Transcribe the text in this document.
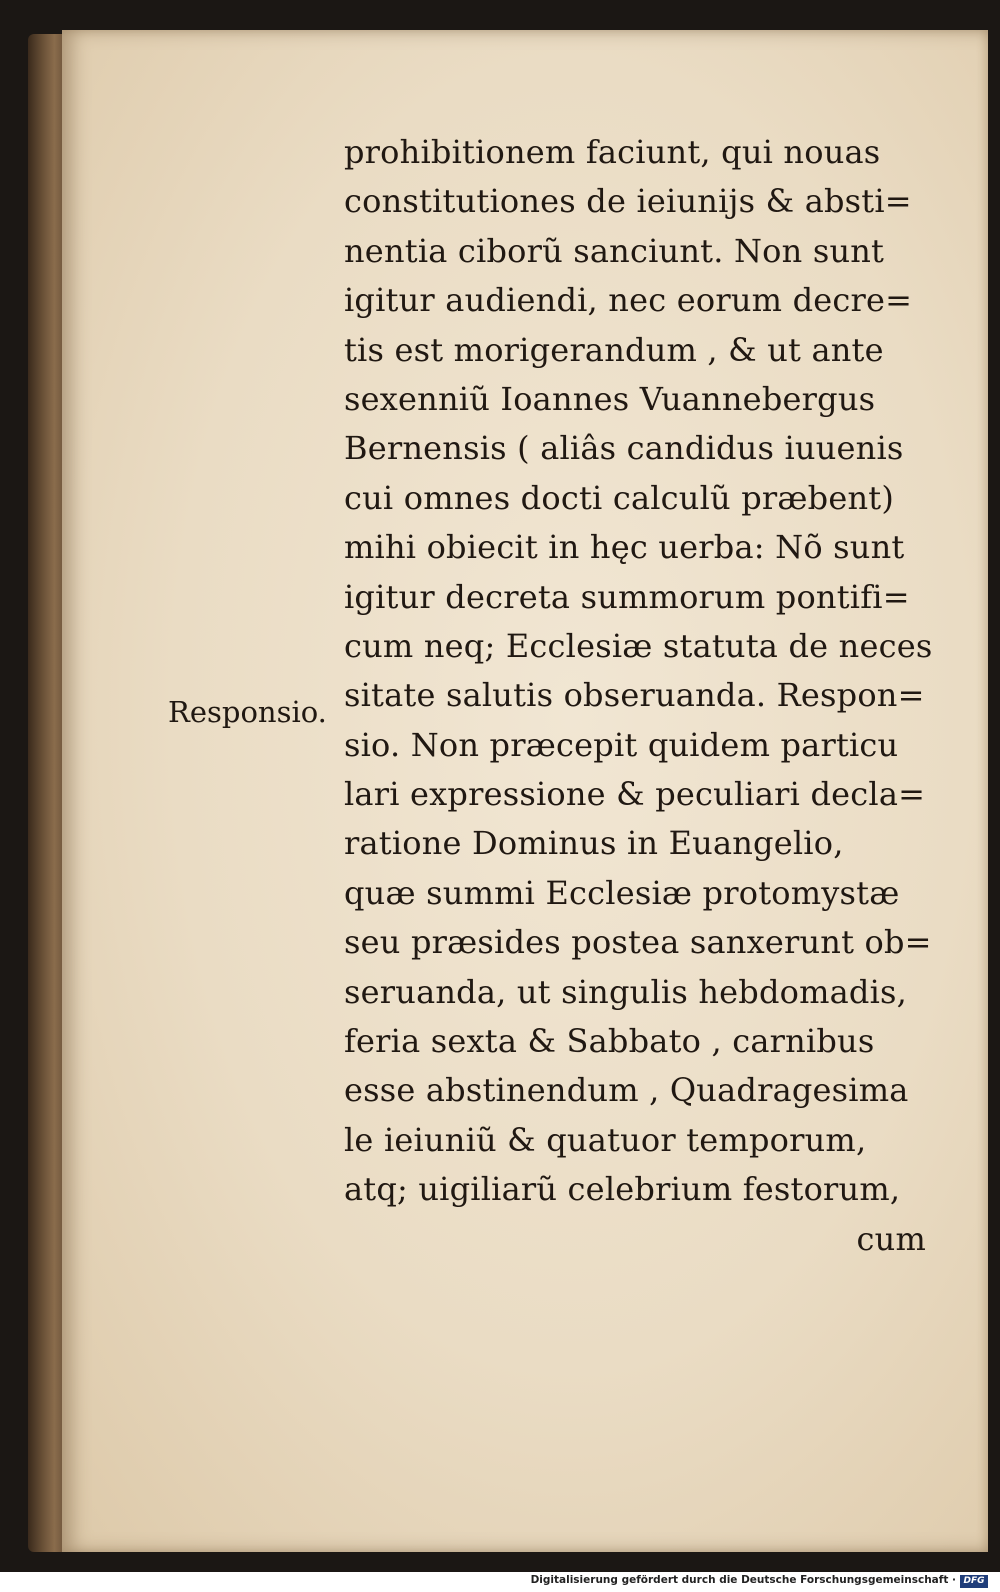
prohibitionem faciunt, qui nouas
constitutiones de ieiunijs & absti=
nentia ciborũ sanciunt. Non sunt
igitur audiendi, nec eorum decre=
tis est morigerandum , & ut ante
sexenniũ Ioannes Vuannebergus
Bernensis ( aliâs candidus iuuenis
cui omnes docti calculũ præbent)
mihi obiecit in hęc uerba: Nõ sunt
igitur decreta summorum pontifi=
cum neq; Ecclesiæ statuta de neces
sitate salutis obseruanda. Respon=
sio. Non præcepit quidem particu
lari expressione & peculiari decla=
ratione Dominus in Euangelio,
quæ summi Ecclesiæ protomystæ
seu præsides postea sanxerunt ob=
seruanda, ut singulis hebdomadis,
feria sexta & Sabbato , carnibus
esse abstinendum , Quadragesima
le ieiuniũ & quatuor temporum,
atq; uigiliarũ celebrium festorum,
cum
Responsio.
Digitalisierung gefördert durch die Deutsche Forschungsgemeinschaft · DFG
